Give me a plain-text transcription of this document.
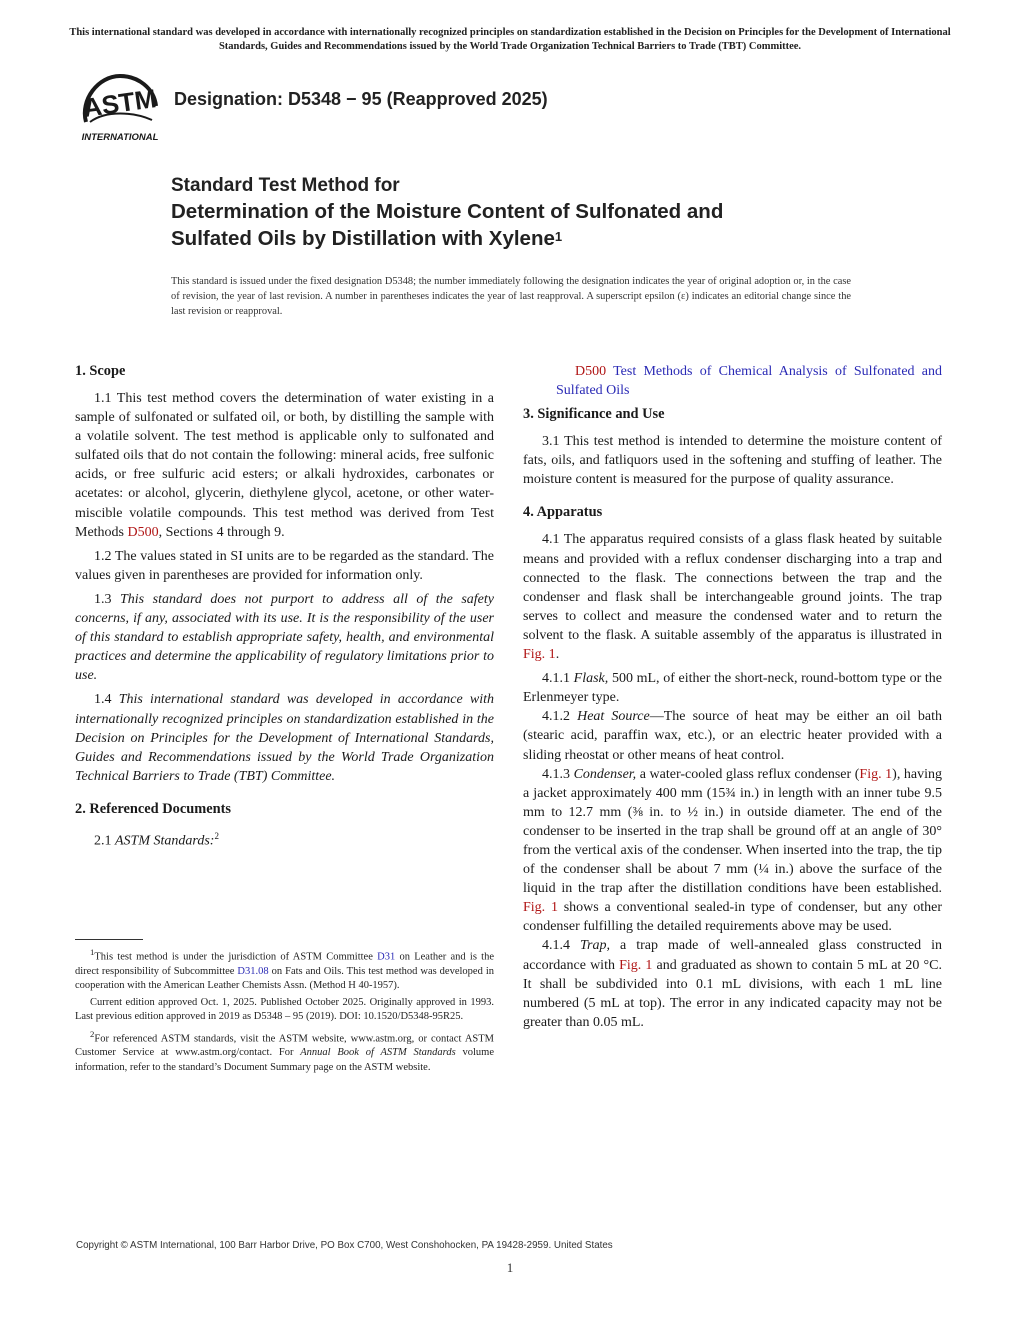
This international standard was developed in accordance with internationally recognized principles on standardization established in the Decision on Principles for the Development of International Standards, Guides and Recommendations issued by the World Trade Organization Technical Barriers to Trade (TBT) Committee.
ASTM
INTERNATIONAL
Designation: D5348 − 95 (Reapproved 2025)
Standard Test Method for
Determination of the Moisture Content of Sulfonated and
Sulfated Oils by Distillation with Xylene$^1$
This standard is issued under the fixed designation D5348; the number immediately following the designation indicates the year of original adoption or, in the case of revision, the year of last revision. A number in parentheses indicates the year of last reapproval. A superscript epsilon (ε) indicates an editorial change since the last revision or reapproval.
1. Scope

1.1 This test method covers the determination of water existing in a sample of sulfonated or sulfated oil, or both, by distilling the sample with a volatile solvent. The test method is applicable only to sulfonated and sulfated oils that do not contain the following: mineral acids, free sulfonic acids, or free sulfuric acid esters; or alkali hydroxides, carbonates or acetates: or alcohol, glycerin, diethylene glycol, acetone, or other water-miscible volatile compounds. This test method was derived from Test Methods D500, Sections 4 through 9.

1.2 The values stated in SI units are to be regarded as the standard. The values given in parentheses are provided for information only.

1.3 This standard does not purport to address all of the safety concerns, if any, associated with its use. It is the responsibility of the user of this standard to establish appropriate safety, health, and environmental practices and determine the applicability of regulatory limitations prior to use.

1.4 This international standard was developed in accordance with internationally recognized principles on standardization established in the Decision on Principles for the Development of International Standards, Guides and Recommendations issued by the World Trade Organization Technical Barriers to Trade (TBT) Committee.

2. Referenced Documents

2.1 ASTM Standards:$^2$

$^1$This test method is under the jurisdiction of ASTM Committee D31 on Leather and is the direct responsibility of Subcommittee D31.08 on Fats and Oils. This test method was developed in cooperation with the American Leather Chemists Assn. (Method H 40-1957).

Current edition approved Oct. 1, 2025. Published October 2025. Originally approved in 1993. Last previous edition approved in 2019 as D5348 – 95 (2019). DOI: 10.1520/D5348-95R25.

$^2$For referenced ASTM standards, visit the ASTM website, www.astm.org, or contact ASTM Customer Service at www.astm.org/contact. For Annual Book of ASTM Standards volume information, refer to the standard’s Document Summary page on the ASTM website.

D500 Test Methods of Chemical Analysis of Sulfonated and Sulfated Oils

3. Significance and Use

3.1 This test method is intended to determine the moisture content of fats, oils, and fatliquors used in the softening and stuffing of leather. The moisture content is measured for the purpose of quality assurance.

4. Apparatus

4.1 The apparatus required consists of a glass flask heated by suitable means and provided with a reflux condenser discharging into a trap and connected to the flask. The connections between the trap and the condenser and flask shall be interchangeable ground joints. The trap serves to collect and measure the condensed water and to return the solvent to the flask. A suitable assembly of the apparatus is illustrated in Fig. 1.

4.1.1 Flask, 500 mL, of either the short-neck, round-bottom type or the Erlenmeyer type.

4.1.2 Heat Source—The source of heat may be either an oil bath (stearic acid, paraffin wax, etc.), or an electric heater provided with a sliding rheostat or other means of heat control.

4.1.3 Condenser, a water-cooled glass reflux condenser (Fig. 1), having a jacket approximately 400 mm (15¾ in.) in length with an inner tube 9.5 mm to 12.7 mm (⅜ in. to ½ in.) in outside diameter. The end of the condenser to be inserted in the trap shall be ground off at an angle of 30° from the vertical axis of the condenser. When inserted into the trap, the tip of the condenser shall be about 7 mm (¼ in.) above the surface of the liquid in the trap after the distillation conditions have been established. Fig. 1 shows a conventional sealed-in type of condenser, but any other condenser fulfilling the detailed requirements above may be used.

4.1.4 Trap, a trap made of well-annealed glass constructed in accordance with Fig. 1 and graduated as shown to contain 5 mL at 20 °C. It shall be subdivided into 0.1 mL divisions, with each 1 mL line numbered (5 mL at top). The error in any indicated capacity may not be greater than 0.05 mL.

Copyright © ASTM International, 100 Barr Harbor Drive, PO Box C700, West Conshohocken, PA 19428-2959. United States
1
